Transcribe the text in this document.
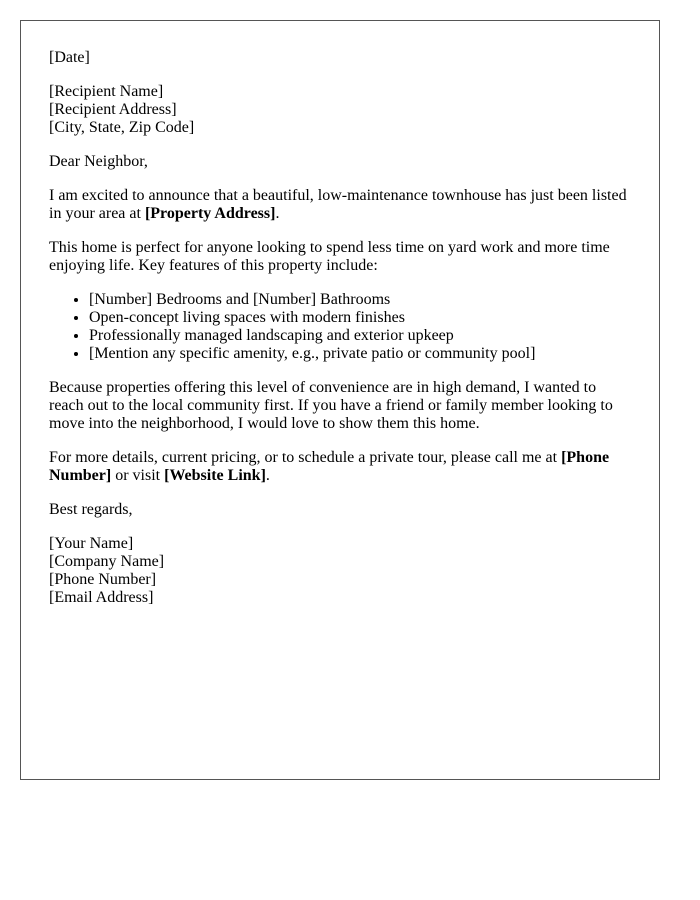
[Date]

[Recipient Name]
[Recipient Address]
[City, State, Zip Code]

Dear Neighbor,

I am excited to announce that a beautiful, low-maintenance townhouse has just been listed in your area at [Property Address].

This home is perfect for anyone looking to spend less time on yard work and more time enjoying life. Key features of this property include:

• [Number] Bedrooms and [Number] Bathrooms
• Open-concept living spaces with modern finishes
• Professionally managed landscaping and exterior upkeep
• [Mention any specific amenity, e.g., private patio or community pool]

Because properties offering this level of convenience are in high demand, I wanted to reach out to the local community first. If you have a friend or family member looking to move into the neighborhood, I would love to show them this home.

For more details, current pricing, or to schedule a private tour, please call me at [Phone Number] or visit [Website Link].

Best regards,

[Your Name]
[Company Name]
[Phone Number]
[Email Address]
